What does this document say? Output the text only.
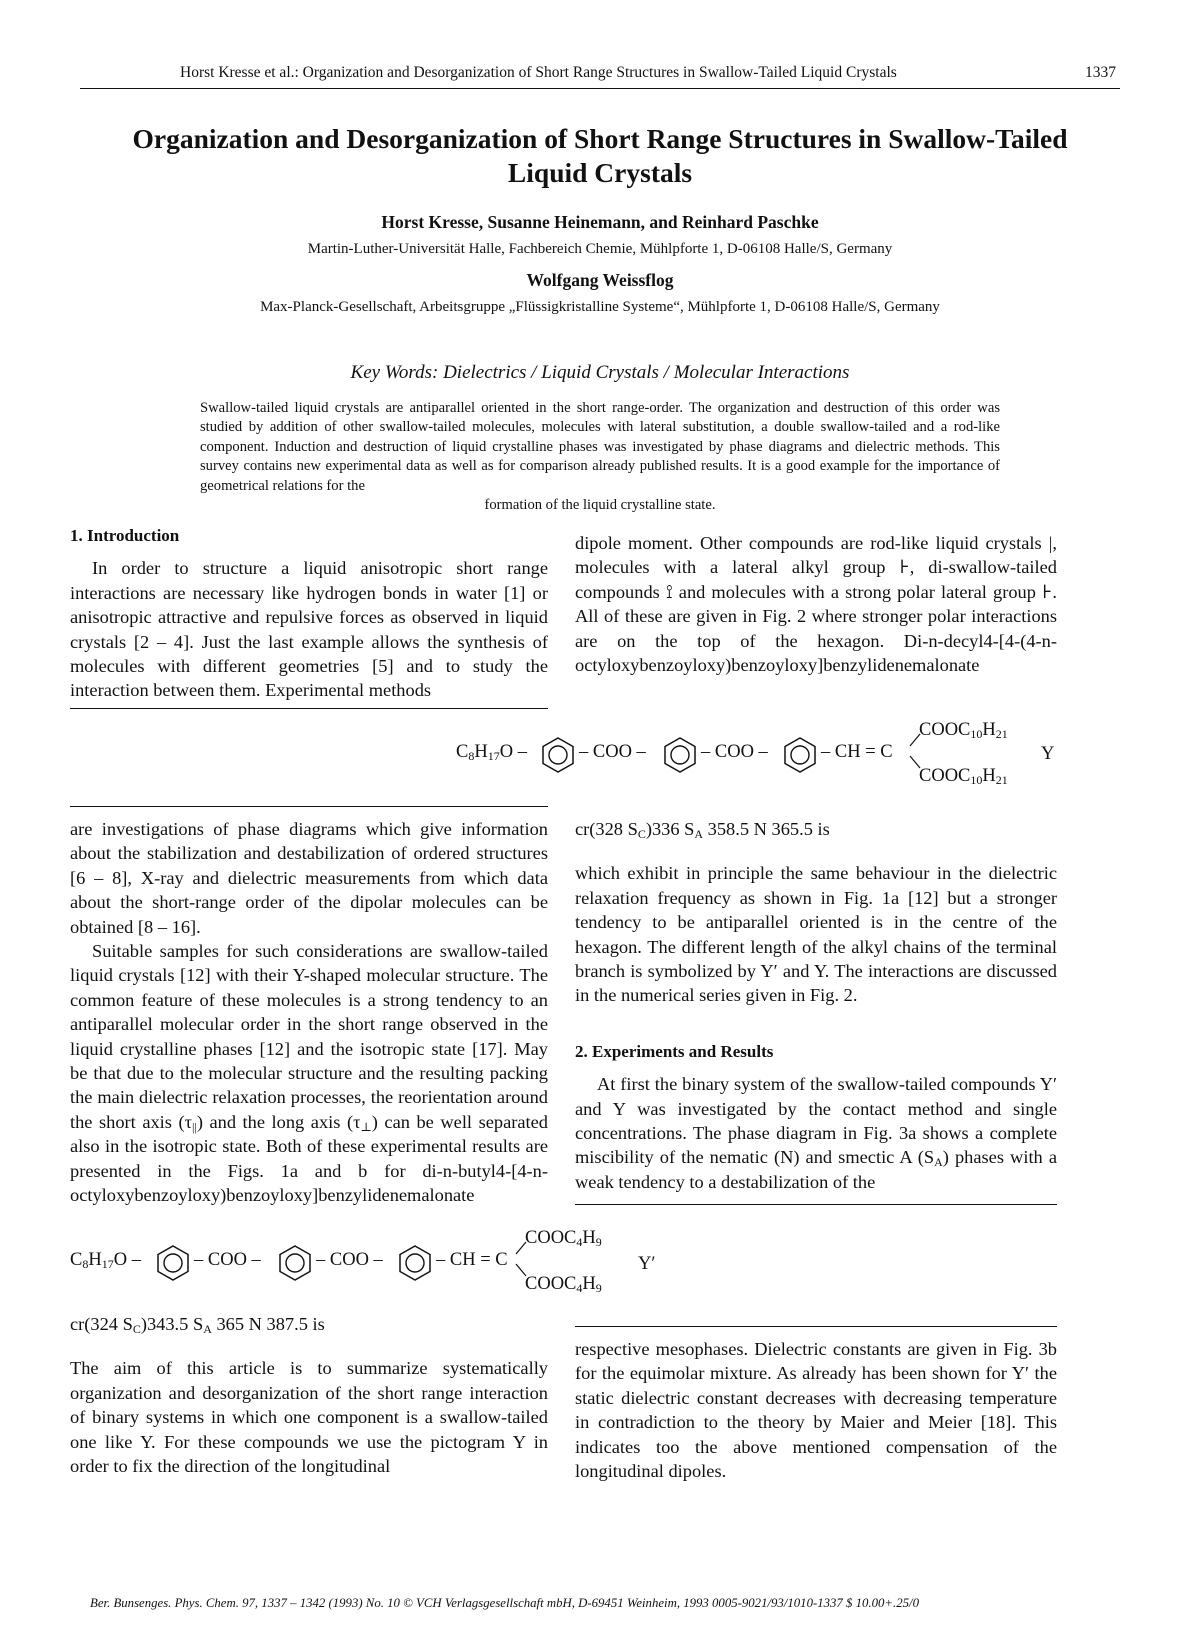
Horst Kresse et al.: Organization and Desorganization of Short Range Structures in Swallow-Tailed Liquid Crystals	1337
Organization and Desorganization of Short Range Structures in Swallow-Tailed
Liquid Crystals
Horst Kresse, Susanne Heinemann, and Reinhard Paschke
Martin-Luther-Universität Halle, Fachbereich Chemie, Mühlpforte 1, D-06108 Halle/S, Germany
Wolfgang Weissflog
Max-Planck-Gesellschaft, Arbeitsgruppe „Flüssigkristalline Systeme“, Mühlpforte 1, D-06108 Halle/S, Germany
Key Words: Dielectrics / Liquid Crystals / Molecular Interactions
Swallow-tailed liquid crystals are antiparallel oriented in the short range-order. The organization and destruction of this order was studied by addition of other swallow-tailed molecules, molecules with lateral substitution, a double swallow-tailed and a rod-like component. Induction and destruction of liquid crystalline phases was investigated by phase diagrams and dielectric methods. This survey contains new experimental data as well as for comparison already published results. It is a good example for the importance of geometrical relations for the
formation of the liquid crystalline state.
1. Introduction

In order to structure a liquid anisotropic short range interactions are necessary like hydrogen bonds in water [1] or anisotropic attractive and repulsive forces as observed in liquid crystals [2 – 4]. Just the last example allows the synthesis of molecules with different geometries [5] and to study the interaction between them. Experimental methods

dipole moment. Other compounds are rod-like liquid crystals |, molecules with a lateral alkyl group ⊦, di-swallow-tailed compounds ⟟ and molecules with a strong polar lateral group ⊦. All of these are given in Fig. 2 where stronger polar interactions are on the top of the hexagon. Di-n-decyl4-[4-(4-n-octyloxybenzoyloxy)benzoyloxy]benzylidenemalonate

$C_8H_{17}O$ –	– COO –	– COO –	– CH = C
$COOC_{10}H_{21}$
$COOC_{10}H_{21}$
Y

are investigations of phase diagrams which give information about the stabilization and destabilization of ordered structures [6 – 8], X-ray and dielectric measurements from which data about the short-range order of the dipolar molecules can be obtained [8 – 16].

Suitable samples for such considerations are swallow-tailed liquid crystals [12] with their Y-shaped molecular structure. The common feature of these molecules is a strong tendency to an antiparallel molecular order in the short range observed in the liquid crystalline phases [12] and the isotropic state [17]. May be that due to the molecular structure and the resulting packing the main dielectric relaxation processes, the reorientation around the short axis $(\tau_{||})$ and the long axis $(\tau_\perp)$ can be well separated also in the isotropic state. Both of these experimental results are presented in the Figs. 1a and b for di-n-butyl4-[4-n-octyloxybenzoyloxy)benzoyloxy]benzylidenemalonate

cr(328 $S_C)336$ $S_A$ 358.5 N 365.5 is

which exhibit in principle the same behaviour in the dielectric relaxation frequency as shown in Fig. 1a [12] but a stronger tendency to be antiparallel oriented is in the centre of the hexagon. The different length of the alkyl chains of the terminal branch is symbolized by Y′ and Y. The interactions are discussed in the numerical series given in Fig. 2.

2. Experiments and Results

At first the binary system of the swallow-tailed compounds Y′ and Y was investigated by the contact method and single concentrations. The phase diagram in Fig. 3a shows a complete miscibility of the nematic (N) and smectic A $(S_A)$ phases with a weak tendency to a destabilization of the

$C_8H_{17}O$ –	– COO –	– COO –	– CH = C
$COOC_4H_9$
$COOC_4H_9$
Y′

cr(324 $S_C)343.5$ $S_A$ 365 N 387.5 is

The aim of this article is to summarize systematically organization and desorganization of the short range interaction of binary systems in which one component is a swallow-tailed one like Y. For these compounds we use the pictogram Y in order to fix the direction of the longitudinal

respective mesophases. Dielectric constants are given in Fig. 3b for the equimolar mixture. As already has been shown for Y′ the static dielectric constant decreases with decreasing temperature in contradiction to the theory by Maier and Meier [18]. This indicates too the above mentioned compensation of the longitudinal dipoles.

Ber. Bunsenges. Phys. Chem. 97, 1337 – 1342 (1993) No. 10 © VCH Verlagsgesellschaft mbH, D-69451 Weinheim, 1993 0005-9021/93/1010-1337 $ 10.00+.25/0
